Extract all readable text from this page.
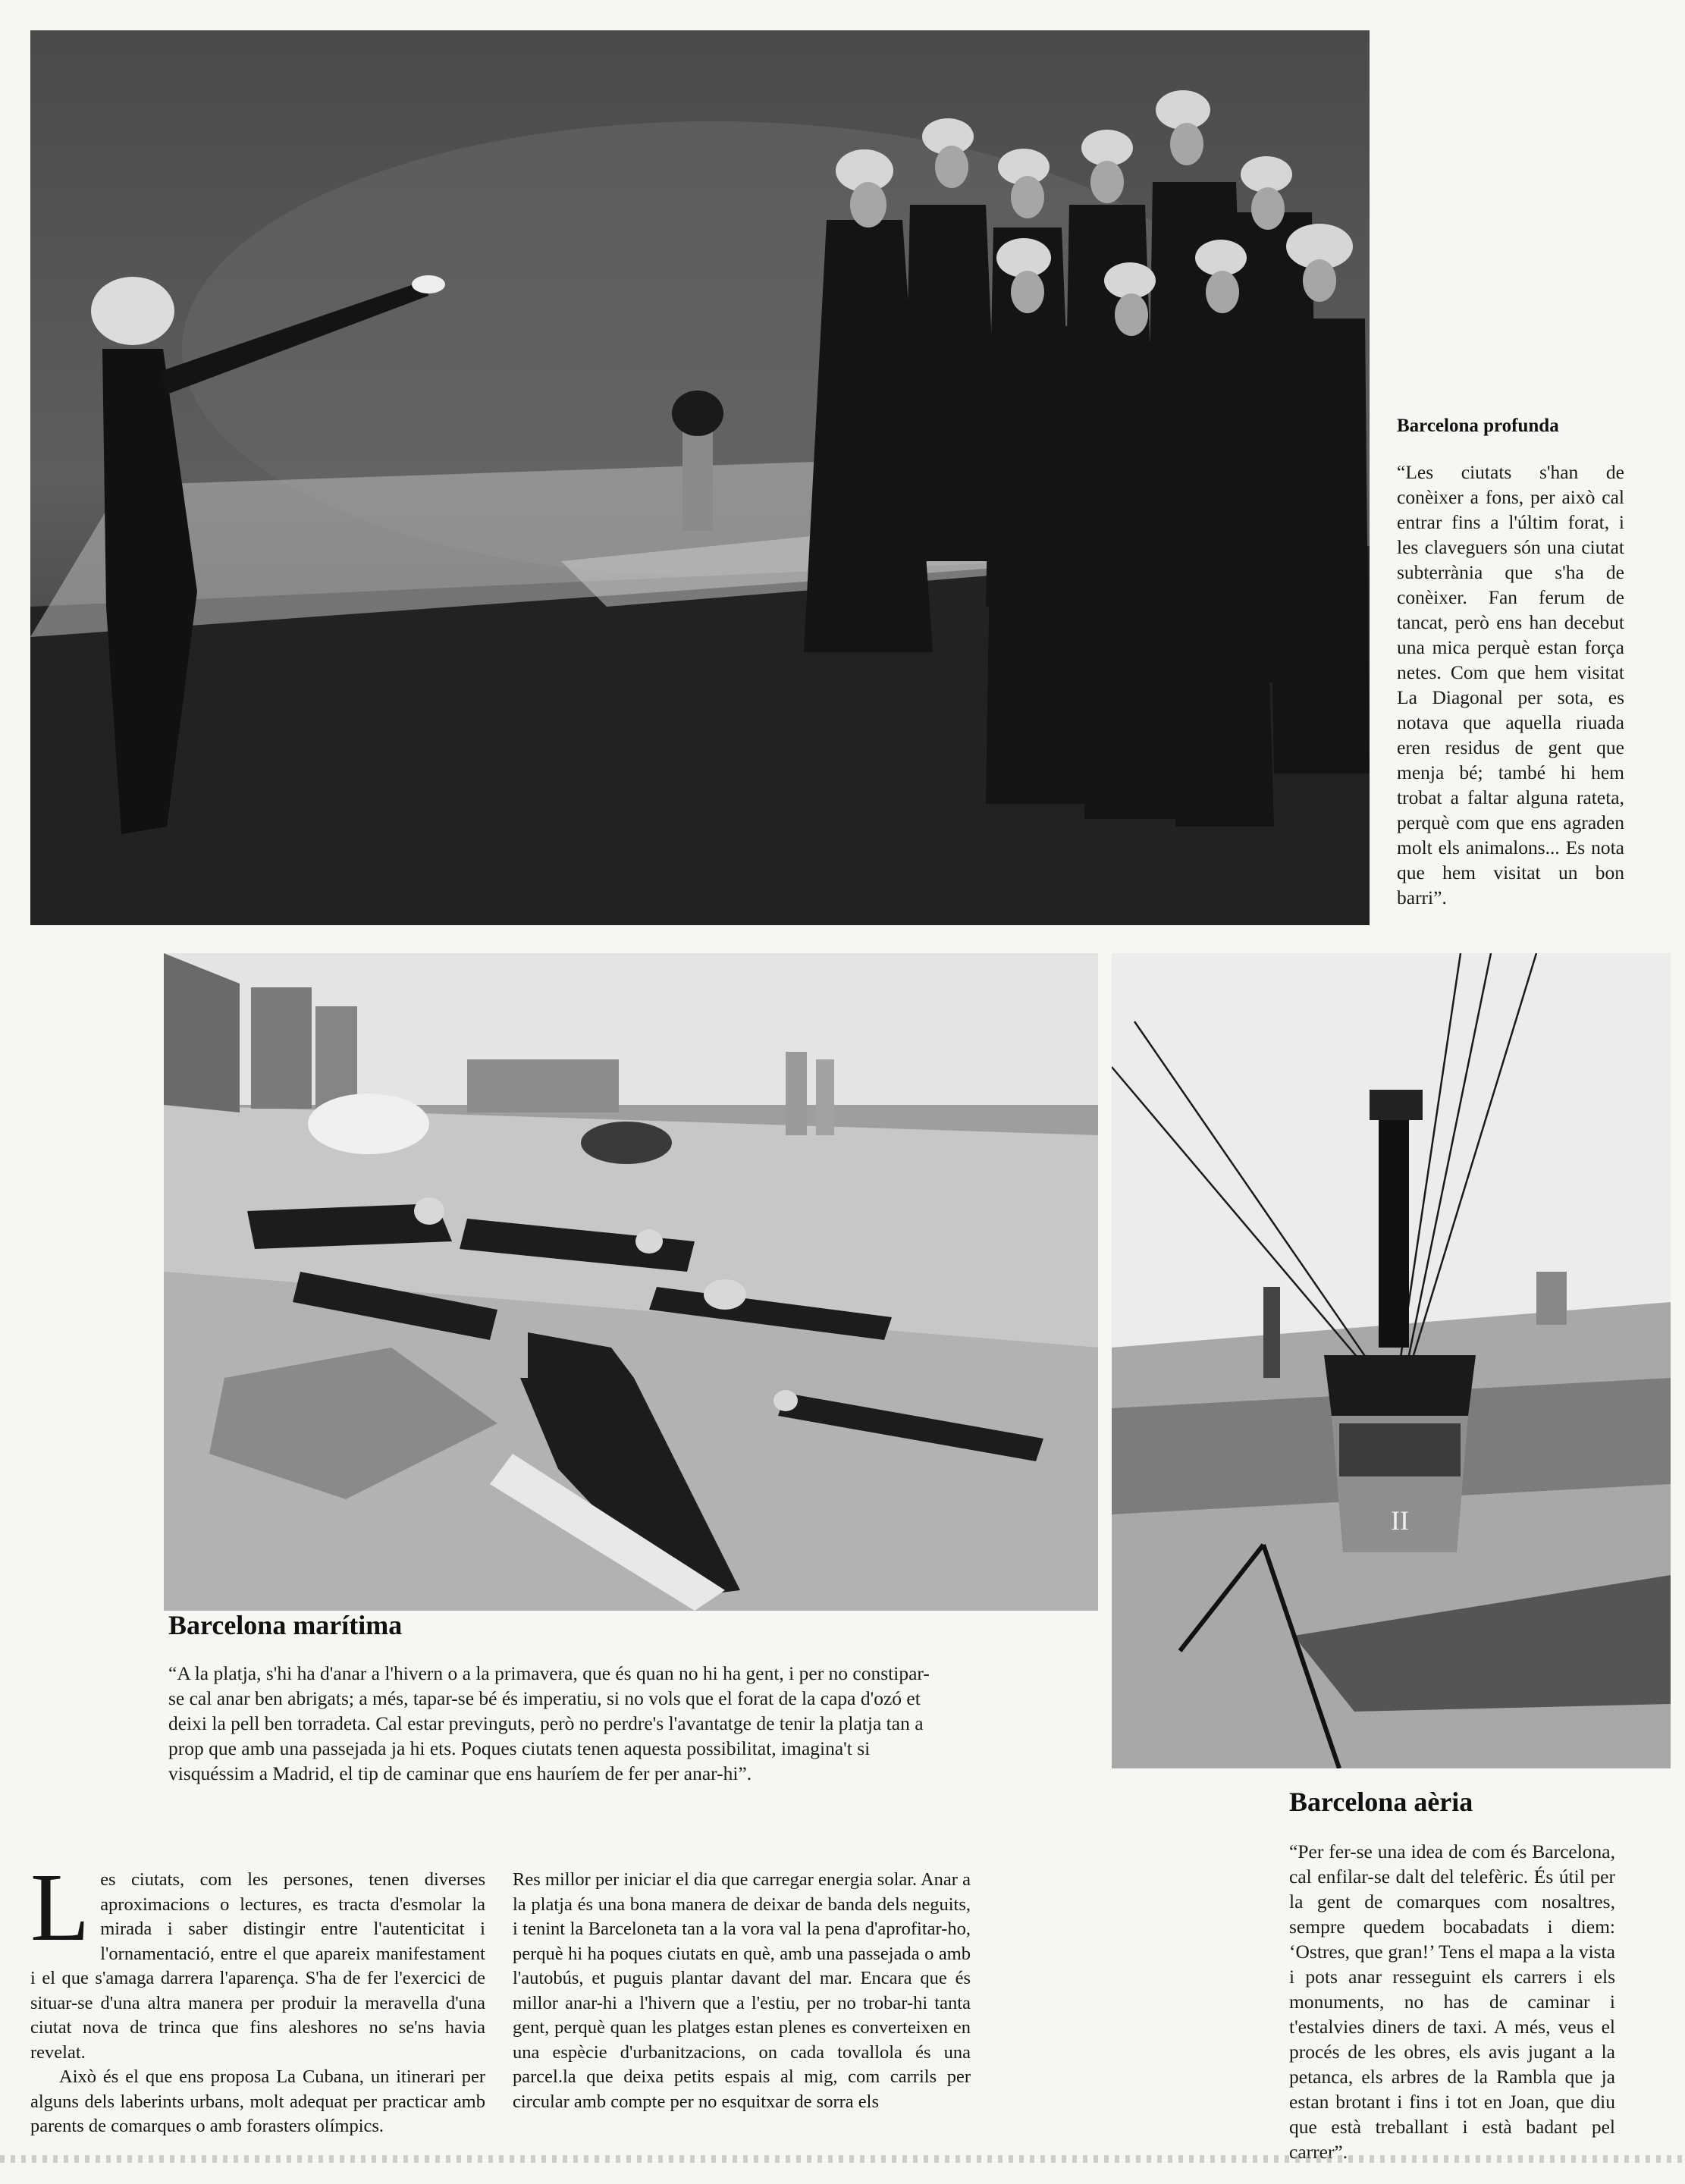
Barcelona profunda

“Les ciutats s'han de conèixer a fons, per això cal entrar fins a l'últim forat, i les claveguers són una ciutat subterrània que s'ha de conèixer. Fan ferum de tancat, però ens han decebut una mica perquè estan força netes. Com que hem visitat La Diagonal per sota, es notava que aquella riuada eren residus de gent que menja bé; també hi hem trobat a faltar alguna rateta, perquè com que ens agraden molt els animalons... Es nota que hem visitat un bon barri”.

Barcelona marítima

“A la platja, s'hi ha d'anar a l'hivern o a la primavera, que és quan no hi ha gent, i per no constipar-se cal anar ben abrigats; a més, tapar-se bé és imperatiu, si no vols que el forat de la capa d'ozó et deixi la pell ben torradeta. Cal estar previnguts, però no perdre's l'avantatge de tenir la platja tan a prop que amb una passejada ja hi ets. Poques ciutats tenen aquesta possibilitat, imagina't si visquéssim a Madrid, el tip de caminar que ens hauríem de fer per anar-hi”.

II
Barcelona aèria

“Per fer-se una idea de com és Barcelona, cal enfilar-se dalt del telefèric. És útil per la gent de comarques com nosaltres, sempre quedem bocabadats i diem: ‘Ostres, que gran!’ Tens el mapa a la vista i pots anar resseguint els carrers i els monuments, no has de caminar i t'estalvies diners de taxi. A més, veus el procés de les obres, els avis jugant a la petanca, els arbres de la Rambla que ja estan brotant i fins i tot en Joan, que diu que està treballant i està badant pel carrer”.

Les ciutats, com les persones, tenen diverses aproximacions o lectures, es tracta d'esmolar la mirada i saber distingir entre l'autenticitat i l'ornamentació, entre el que apareix manifestament i el que s'amaga darrera l'aparença. S'ha de fer l'exercici de situar-se d'una altra manera per produir la meravella d'una ciutat nova de trinca que fins aleshores no se'ns havia revelat.

Això és el que ens proposa La Cubana, un itinerari per alguns dels laberints urbans, molt adequat per practicar amb parents de comarques o amb forasters olímpics.

Res millor per iniciar el dia que carregar energia solar. Anar a la platja és una bona manera de deixar de banda dels neguits, i tenint la Barceloneta tan a la vora val la pena d'aprofitar-ho, perquè hi ha poques ciutats en què, amb una passejada o amb l'autobús, et puguis plantar davant del mar. Encara que és millor anar-hi a l'hivern que a l'estiu, per no trobar-hi tanta gent, perquè quan les platges estan plenes es converteixen en una espècie d'urbanitzacions, on cada tovallola és una parcel.la que deixa petits espais al mig, com carrils per circular amb compte per no esquitxar de sorra els
